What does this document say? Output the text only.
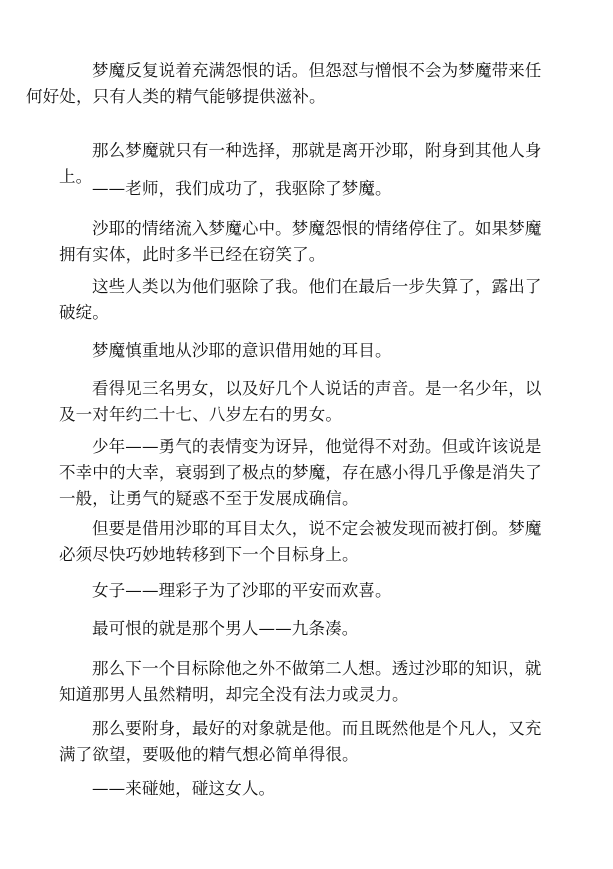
梦魔反复说着充满怨恨的话。但怨怼与憎恨不会为梦魔带来任
何好处，只有人类的精气能够提供滋补。

那么梦魔就只有一种选择，那就是离开沙耶，附身到其他人身
上。

——老师，我们成功了，我驱除了梦魔。

沙耶的情绪流入梦魔心中。梦魔怨恨的情绪停住了。如果梦魔
拥有实体，此时多半已经在窃笑了。

这些人类以为他们驱除了我。他们在最后一步失算了，露出了
破绽。

梦魔慎重地从沙耶的意识借用她的耳目。

看得见三名男女，以及好几个人说话的声音。是一名少年，以
及一对年约二十七、八岁左右的男女。

少年——勇气的表情变为讶异，他觉得不对劲。但或许该说是
不幸中的大幸，衰弱到了极点的梦魔，存在感小得几乎像是消失了
一般，让勇气的疑惑不至于发展成确信。

但要是借用沙耶的耳目太久，说不定会被发现而被打倒。梦魔
必须尽快巧妙地转移到下一个目标身上。

女子——理彩子为了沙耶的平安而欢喜。

最可恨的就是那个男人——九条凑。

那么下一个目标除他之外不做第二人想。透过沙耶的知识，就
知道那男人虽然精明，却完全没有法力或灵力。

那么要附身，最好的对象就是他。而且既然他是个凡人，又充
满了欲望，要吸他的精气想必简单得很。

——来碰她，碰这女人。
